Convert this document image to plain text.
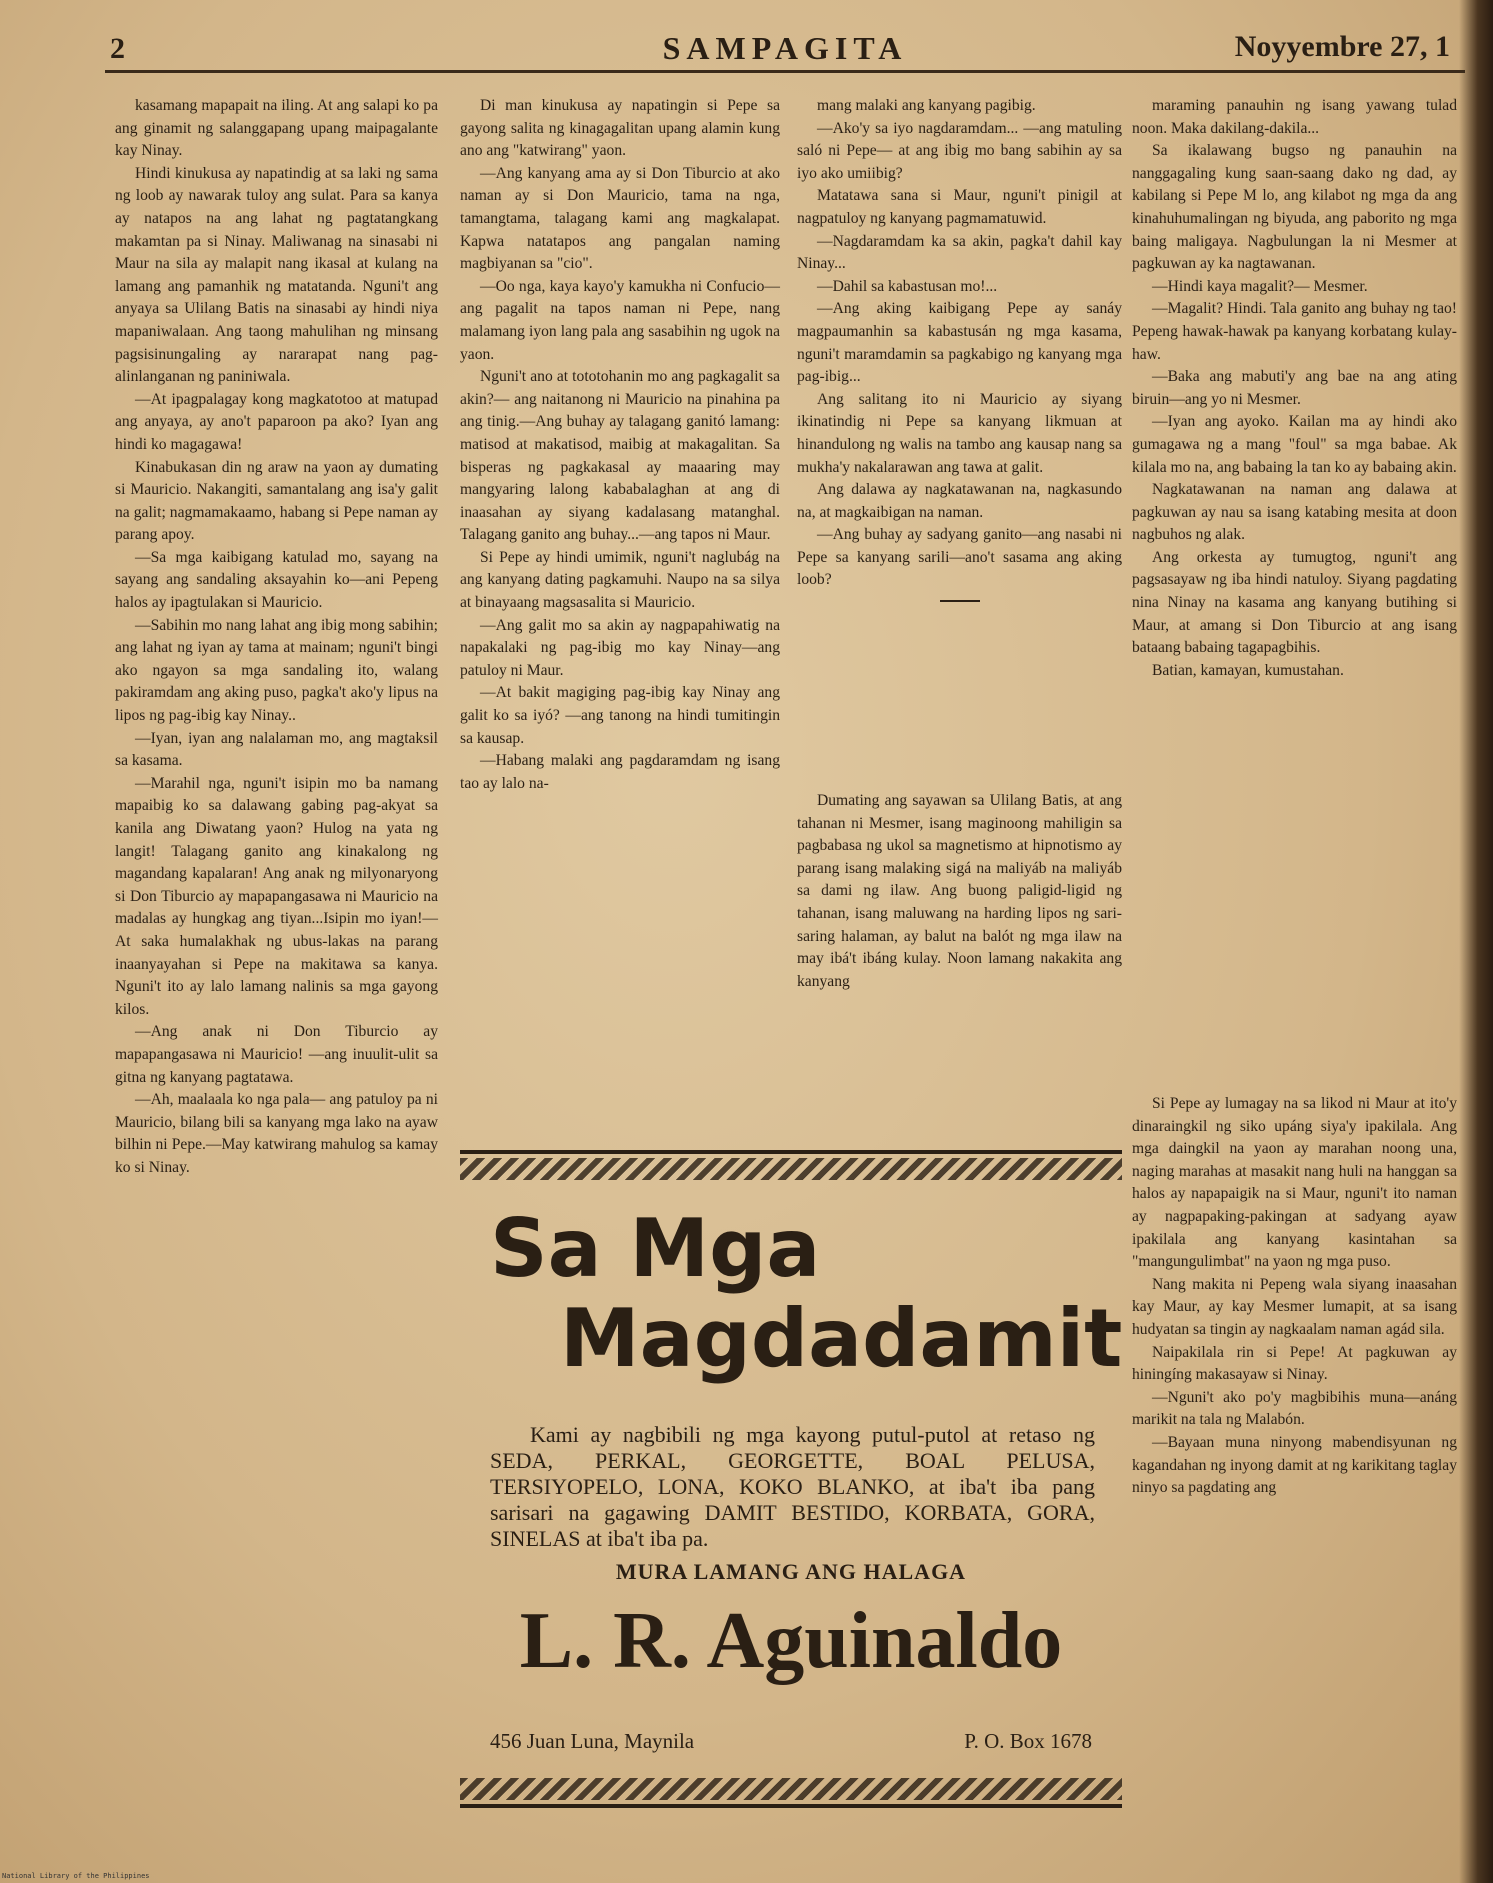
2	SAMPAGITA	Noyyembre 27, 1

kasamang mapapait na iling. At ang salapi ko pa ang ginamit ng salanggapang upang maipagalante kay Ninay.

Hindi kinukusa ay napatindig at sa laki ng sama ng loob ay nawarak tuloy ang sulat. Para sa kanya ay natapos na ang lahat ng pagtatangkang makamtan pa si Ninay. Maliwanag na sinasabi ni Maur na sila ay malapit nang ikasal at kulang na lamang ang pamanhik ng matatanda. Nguni't ang anyaya sa Ulilang Batis na sinasabi ay hindi niya mapaniwalaan. Ang taong mahulihan ng minsang pagsisinungaling ay nararapat nang pag-alinlanganan ng paniniwala.

—At ipagpalagay kong magkatotoo at matupad ang anyaya, ay ano't paparoon pa ako? Iyan ang hindi ko magagawa!

Kinabukasan din ng araw na yaon ay dumating si Mauricio. Nakangiti, samantalang ang isa'y galit na galit; nagmamakaamo, habang si Pepe naman ay parang apoy.

—Sa mga kaibigang katulad mo, sayang na sayang ang sandaling aksayahin ko—ani Pepeng halos ay ipagtulakan si Mauricio.

—Sabihin mo nang lahat ang ibig mong sabihin; ang lahat ng iyan ay tama at mainam; nguni't bingi ako ngayon sa mga sandaling ito, walang pakiramdam ang aking puso, pagka't ako'y lipus na lipos ng pag-ibig kay Ninay..

—Iyan, iyan ang nalalaman mo, ang magtaksil sa kasama.

—Marahil nga, nguni't isipin mo ba namang mapaibig ko sa dalawang gabing pag-akyat sa kanila ang Diwatang yaon? Hulog na yata ng langit! Talagang ganito ang kinakalong ng magandang kapalaran! Ang anak ng milyonaryong si Don Tiburcio ay mapapangasawa ni Mauricio na madalas ay hungkag ang tiyan...Isipin mo iyan!—At saka humalakhak ng ubus-lakas na parang inaanyayahan si Pepe na makitawa sa kanya. Nguni't ito ay lalo lamang nalinis sa mga gayong kilos.

—Ang anak ni Don Tiburcio ay mapapangasawa ni Mauricio! —ang inuulit-ulit sa gitna ng kanyang pagtatawa.

—Ah, maalaala ko nga pala— ang patuloy pa ni Mauricio, bilang bili sa kanyang mga lako na ayaw bilhin ni Pepe.—May katwirang mahulog sa kamay ko si Ninay.

Di man kinukusa ay napatingin si Pepe sa gayong salita ng kinagagalitan upang alamin kung ano ang "katwirang" yaon.

—Ang kanyang ama ay si Don Tiburcio at ako naman ay si Don Mauricio, tama na nga, tamangtama, talagang kami ang magkalapat. Kapwa natatapos ang pangalan naming magbiyanan sa "cio".

—Oo nga, kaya kayo'y kamukha ni Confucio—ang pagalit na tapos naman ni Pepe, nang malamang iyon lang pala ang sasabihin ng ugok na yaon.

Nguni't ano at tototohanin mo ang pagkagalit sa akin?— ang naitanong ni Mauricio na pinahina pa ang tinig.—Ang buhay ay talagang ganitó lamang: matisod at makatisod, maibig at makagalitan. Sa bisperas ng pagkakasal ay maaaring may mangyaring lalong kababalaghan at ang di inaasahan ay siyang kadalasang matanghal. Talagang ganito ang buhay...—ang tapos ni Maur.

Si Pepe ay hindi umimik, nguni't naglubág na ang kanyang dating pagkamuhi. Naupo na sa silya at binayaang magsasalita si Mauricio.

—Ang galit mo sa akin ay nagpapahiwatig na napakalaki ng pag-ibig mo kay Ninay—ang patuloy ni Maur.

—At bakit magiging pag-ibig kay Ninay ang galit ko sa iyó? —ang tanong na hindi tumitingin sa kausap.

—Habang malaki ang pagdaramdam ng isang tao ay lalo na-

mang malaki ang kanyang pagibig.

—Ako'y sa iyo nagdaramdam... —ang matuling saló ni Pepe— at ang ibig mo bang sabihin ay sa iyo ako umiibig?

Matatawa sana si Maur, nguni't pinigil at nagpatuloy ng kanyang pagmamatuwid.

—Nagdaramdam ka sa akin, pagka't dahil kay Ninay...

—Dahil sa kabastusan mo!...

—Ang aking kaibigang Pepe ay sanáy magpaumanhin sa kabastusán ng mga kasama, nguni't maramdamin sa pagkabigo ng kanyang mga pag-ibig...

Ang salitang ito ni Mauricio ay siyang ikinatindig ni Pepe sa kanyang likmuan at hinandulong ng walis na tambo ang kausap nang sa mukha'y nakalarawan ang tawa at galit.

Ang dalawa ay nagkatawanan na, nagkasundo na, at magkaibigan na naman.

—Ang buhay ay sadyang ganito—ang nasabi ni Pepe sa kanyang sarili—ano't sasama ang aking loob?

Dumating ang sayawan sa Ulilang Batis, at ang tahanan ni Mesmer, isang maginoong mahiligin sa pagbabasa ng ukol sa magnetismo at hipnotismo ay parang isang malaking sigá na maliyáb na maliyáb sa dami ng ilaw. Ang buong paligid-ligid ng tahanan, isang maluwang na harding lipos ng sari-saring halaman, ay balut na balót ng mga ilaw na may ibá't ibáng kulay. Noon lamang nakakita ang kanyang

maraming panauhin ng isang yawang tulad noon. Maka dakilang-dakila...

Sa ikalawang bugso ng panauhin na nanggagaling kung saan-saang dako ng dad, ay kabilang si Pepe M lo, ang kilabot ng mga da ang kinahuhumalingan ng biyuda, ang paborito ng mga baing maligaya. Nagbulungan la ni Mesmer at pagkuwan ay ka nagtawanan.

—Hindi kaya magalit?— Mesmer.

—Magalit? Hindi. Tala ganito ang buhay ng tao! Pepeng hawak-hawak pa kanyang korbatang kulay-haw.

—Baka ang mabuti'y ang bae na ang ating biruin—ang yo ni Mesmer.

—Iyan ang ayoko. Kailan ma ay hindi ako gumagawa ng a mang "foul" sa mga babae. Ak kilala mo na, ang babaing la tan ko ay babaing akin.

Nagkatawanan na naman ang dalawa at pagkuwan ay nau sa isang katabing mesita at doon nagbuhos ng alak.

Ang orkesta ay tumugtog, nguni't ang pagsasayaw ng iba hindi natuloy. Siyang pagdating nina Ninay na kasama ang kanyang butihing si Maur, at amang si Don Tiburcio at ang isang bataang babaing tagapagbihis.

Batian, kamayan, kumustahan.

Si Pepe ay lumagay na sa likod ni Maur at ito'y dinaraingkil ng siko upáng siya'y ipakilala. Ang mga daingkil na yaon ay marahan noong una, naging marahas at masakit nang huli na hanggan sa halos ay napapaigik na si Maur, nguni't ito naman ay nagpapaking-pakingan at sadyang ayaw ipakilala ang kanyang kasintahan sa "mangungulimbat" na yaon ng mga puso.

Nang makita ni Pepeng wala siyang inaasahan kay Maur, ay kay Mesmer lumapit, at sa isang hudyatan sa tingin ay nagkaalam naman agád sila.

Naipakilala rin si Pepe! At pagkuwan ay hiningíng makasayaw si Ninay.

—Nguni't ako po'y magbibihis muna—anáng marikit na tala ng Malabón.

—Bayaan muna ninyong mabendisyunan ng kagandahan ng inyong damit at ng karikitang taglay ninyo sa pagdating ang

Sa Mga
Magdadamit
Kami ay nagbibili ng mga kayong putul-putol at retaso ng SEDA, PERKAL, GEORGETTE, BOAL PELUSA, TERSIYOPELO, LONA, KOKO BLANKO, at iba't iba pang sarisari na gagawing DAMIT BESTIDO, KORBATA, GORA, SINELAS at iba't iba pa.
MURA LAMANG ANG HALAGA
L. R. Aguinaldo
456 Juan Luna, Maynila	P. O. Box 1678
National Library of the Philippines
